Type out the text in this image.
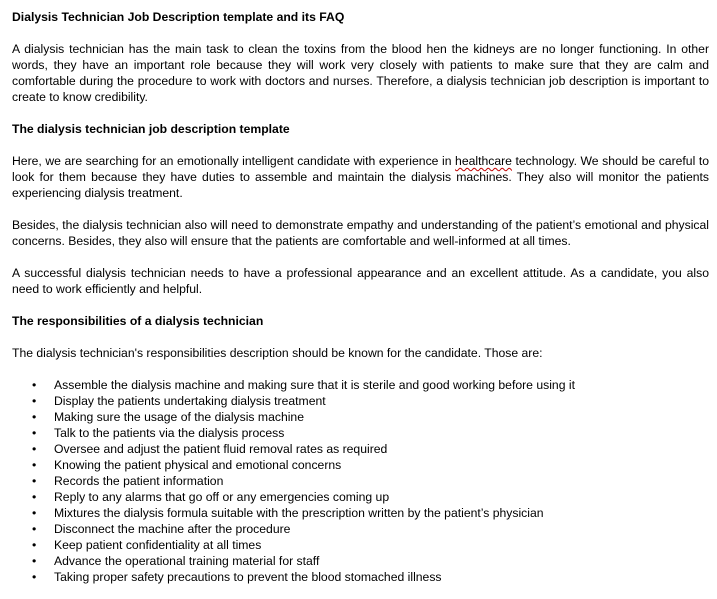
Dialysis Technician Job Description template and its FAQ

A dialysis technician has the main task to clean the toxins from the blood hen the kidneys are no longer functioning. In other words, they have an important role because they will work very closely with patients to make sure that they are calm and comfortable during the procedure to work with doctors and nurses. Therefore, a dialysis technician job description is important to create to know credibility.

The dialysis technician job description template

Here, we are searching for an emotionally intelligent candidate with experience in healthcare technology. We should be careful to look for them because they have duties to assemble and maintain the dialysis machines. They also will monitor the patients experiencing dialysis treatment.

Besides, the dialysis technician also will need to demonstrate empathy and understanding of the patient’s emotional and physical concerns. Besides, they also will ensure that the patients are comfortable and well-informed at all times.

A successful dialysis technician needs to have a professional appearance and an excellent attitude. As a candidate, you also need to work efficiently and helpful.

The responsibilities of a dialysis technician

The dialysis technician's responsibilities description should be known for the candidate. Those are:

• Assemble the dialysis machine and making sure that it is sterile and good working before using it
• Display the patients undertaking dialysis treatment
• Making sure the usage of the dialysis machine
• Talk to the patients via the dialysis process
• Oversee and adjust the patient fluid removal rates as required
• Knowing the patient physical and emotional concerns
• Records the patient information
• Reply to any alarms that go off or any emergencies coming up
• Mixtures the dialysis formula suitable with the prescription written by the patient’s physician
• Disconnect the machine after the procedure
• Keep patient confidentiality at all times
• Advance the operational training material for staff
• Taking proper safety precautions to prevent the blood stomached illness
